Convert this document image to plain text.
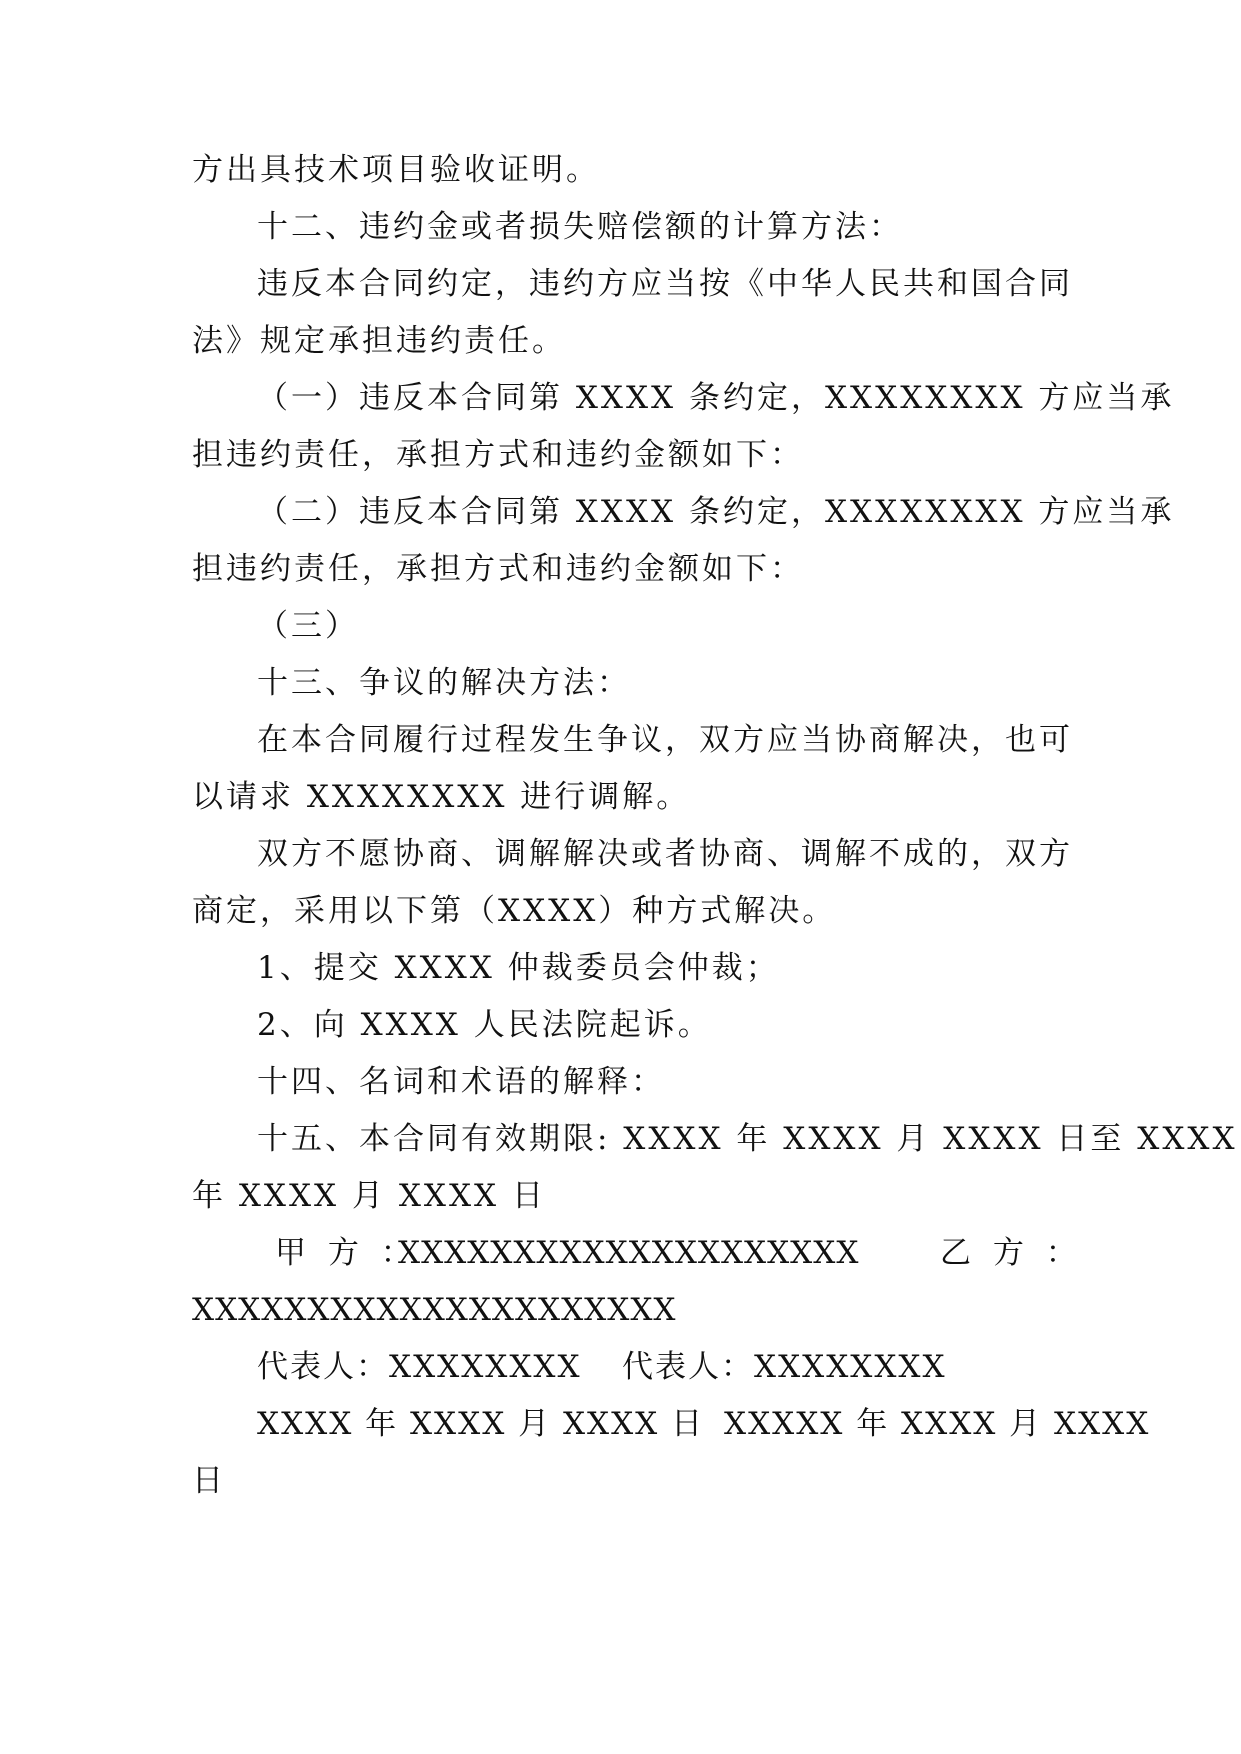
方出具技术项目验收证明。
十二、违约金或者损失赔偿额的计算方法：
违反本合同约定，违约方应当按《中华人民共和国合同
法》规定承担违约责任。
（一）违反本合同第 XXXX 条约定，XXXXXXXX 方应当承
担违约责任，承担方式和违约金额如下：
（二）违反本合同第 XXXX 条约定，XXXXXXXX 方应当承
担违约责任，承担方式和违约金额如下：
（三）
十三、争议的解决方法：
在本合同履行过程发生争议，双方应当协商解决，也可
以请求 XXXXXXXX 进行调解。
双方不愿协商、调解解决或者协商、调解不成的，双方
商定，采用以下第（XXXX）种方式解决。
1、提交 XXXX 仲裁委员会仲裁；
2、向 XXXX 人民法院起诉。
十四、名词和术语的解释：
十五、本合同有效期限: XXXX 年 XXXX 月 XXXX 日至 XXXX
年 XXXX 月 XXXX 日
甲 方 ：
XXXXXXXXXXXXXXXXXXXX	乙 方 ：
XXXXXXXXXXXXXXXXXXXXX
代表人：XXXXXXXX 代表人：XXXXXXXX
XXXX 年 XXXX 月 XXXX 日 XXXXX 年 XXXX 月 XXXX
日
